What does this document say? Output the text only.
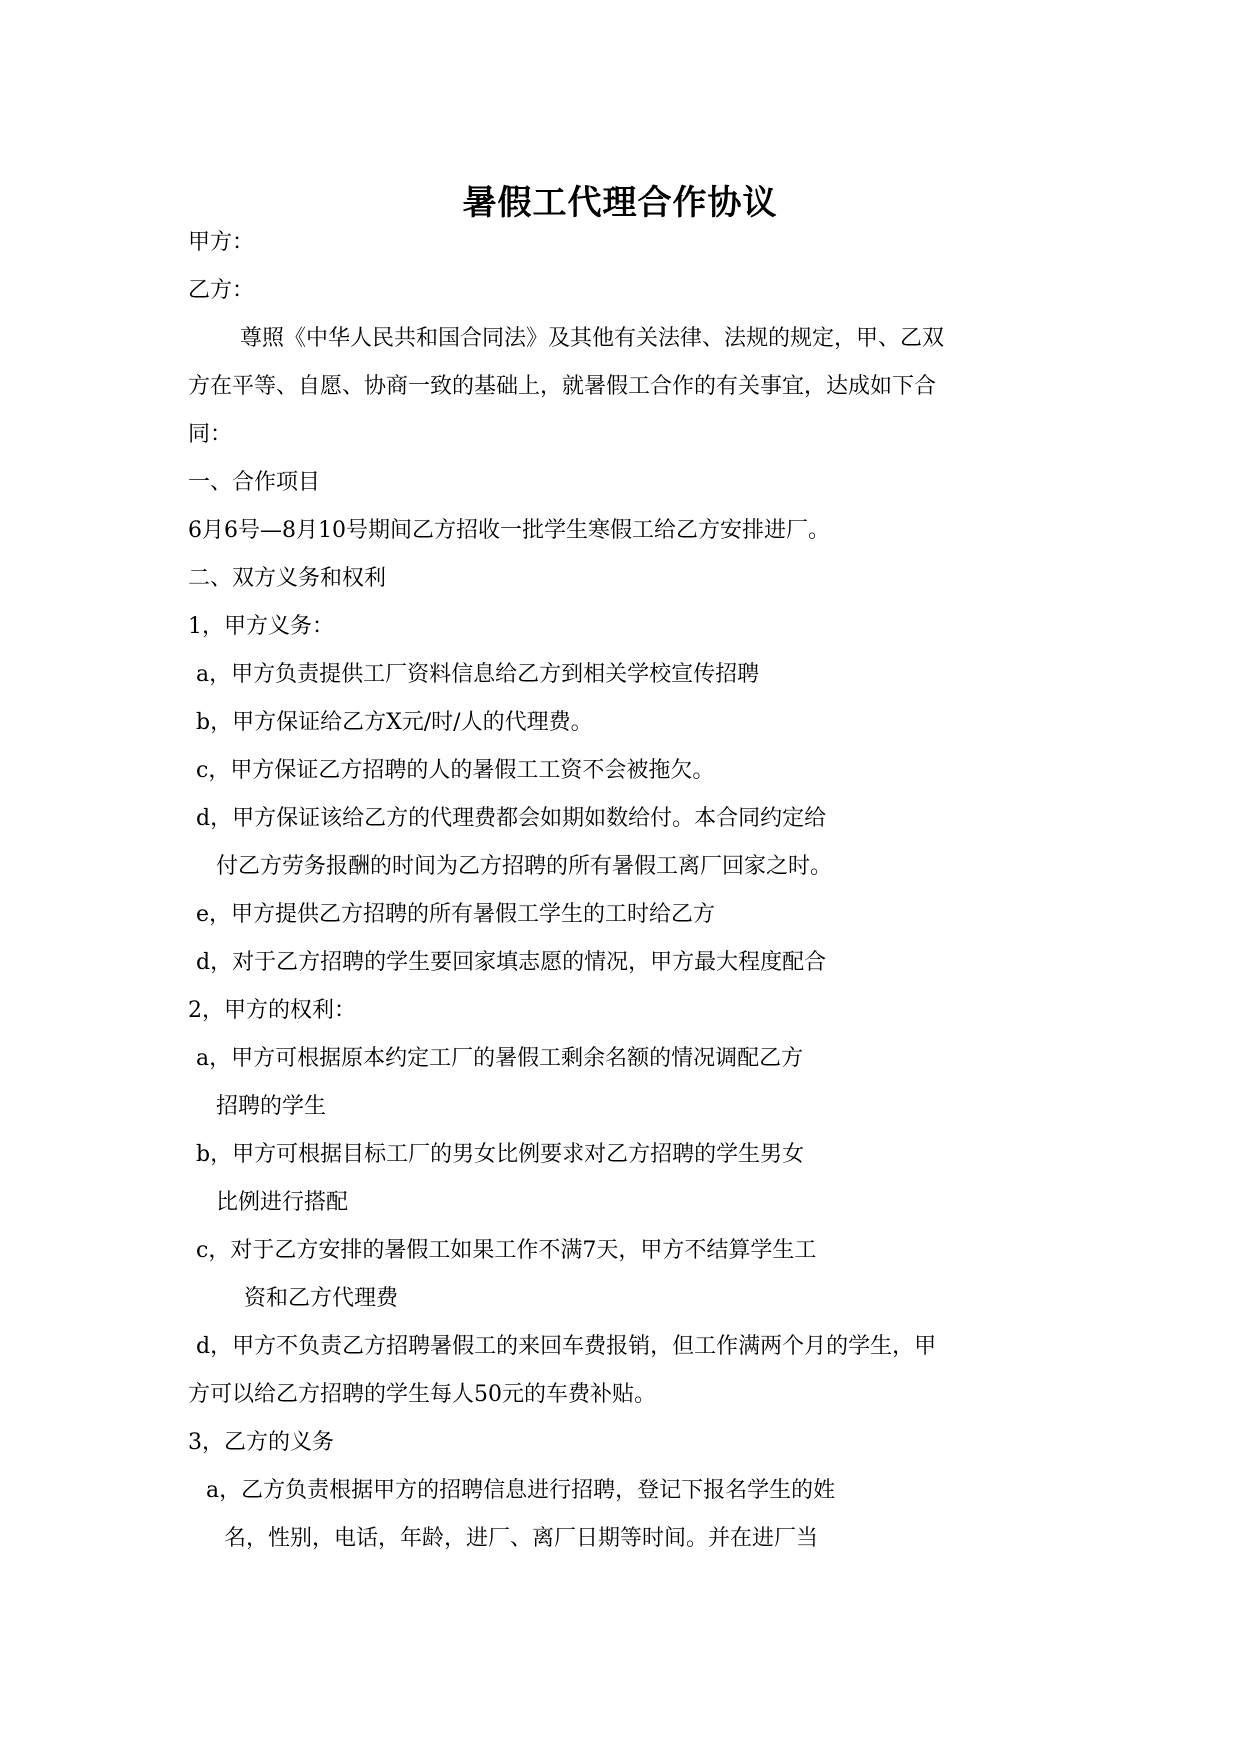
暑假工代理合作协议
甲方：
乙方：
尊照《中华人民共和国合同法》及其他有关法律、法规的规定，甲、乙双
方在平等、自愿、协商一致的基础上，就暑假工合作的有关事宜，达成如下合
同：
一、合作项目
6月6号—8月10号期间乙方招收一批学生寒假工给乙方安排进厂。
二、双方义务和权利
1，甲方义务：
a，甲方负责提供工厂资料信息给乙方到相关学校宣传招聘
b，甲方保证给乙方X元/时/人的代理费。
c，甲方保证乙方招聘的人的暑假工工资不会被拖欠。
d，甲方保证该给乙方的代理费都会如期如数给付。本合同约定给
付乙方劳务报酬的时间为乙方招聘的所有暑假工离厂回家之时。
e，甲方提供乙方招聘的所有暑假工学生的工时给乙方
d，对于乙方招聘的学生要回家填志愿的情况，甲方最大程度配合
2，甲方的权利：
a，甲方可根据原本约定工厂的暑假工剩余名额的情况调配乙方
招聘的学生
b，甲方可根据目标工厂的男女比例要求对乙方招聘的学生男女
比例进行搭配
c，对于乙方安排的暑假工如果工作不满7天，甲方不结算学生工
资和乙方代理费
d，甲方不负责乙方招聘暑假工的来回车费报销，但工作满两个月的学生，甲
方可以给乙方招聘的学生每人50元的车费补贴。
3，乙方的义务
a，乙方负责根据甲方的招聘信息进行招聘，登记下报名学生的姓
名，性别，电话，年龄，进厂、离厂日期等时间。并在进厂当
